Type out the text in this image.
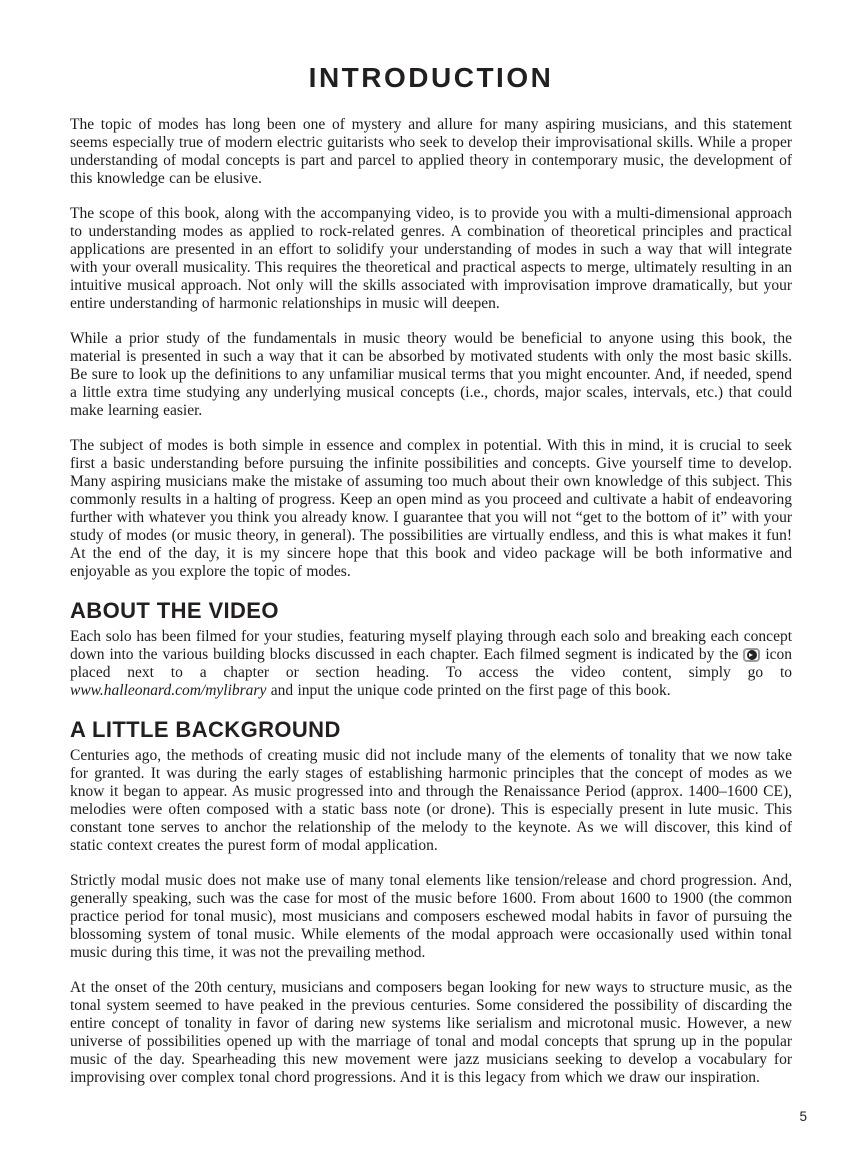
INTRODUCTION

The topic of modes has long been one of mystery and allure for many aspiring musicians, and this statement seems especially true of modern electric guitarists who seek to develop their improvisational skills. While a proper understanding of modal concepts is part and parcel to applied theory in contemporary music, the development of this knowledge can be elusive.

The scope of this book, along with the accompanying video, is to provide you with a multi-dimensional approach to understanding modes as applied to rock-related genres. A combination of theoretical principles and practical applications are presented in an effort to solidify your understanding of modes in such a way that will integrate with your overall musicality. This requires the theoretical and practical aspects to merge, ultimately resulting in an intuitive musical approach. Not only will the skills associated with improvisation improve dramatically, but your entire understanding of harmonic relationships in music will deepen.

While a prior study of the fundamentals in music theory would be beneficial to anyone using this book, the material is presented in such a way that it can be absorbed by motivated students with only the most basic skills. Be sure to look up the definitions to any unfamiliar musical terms that you might encounter. And, if needed, spend a little extra time studying any underlying musical concepts (i.e., chords, major scales, intervals, etc.) that could make learning easier.

The subject of modes is both simple in essence and complex in potential. With this in mind, it is crucial to seek first a basic understanding before pursuing the infinite possibilities and concepts. Give yourself time to develop. Many aspiring musicians make the mistake of assuming too much about their own knowledge of this subject. This commonly results in a halting of progress. Keep an open mind as you proceed and cultivate a habit of endeavoring further with whatever you think you already know. I guarantee that you will not “get to the bottom of it” with your study of modes (or music theory, in general). The possibilities are virtually endless, and this is what makes it fun! At the end of the day, it is my sincere hope that this book and video package will be both informative and enjoyable as you explore the topic of modes.

ABOUT THE VIDEO

Each solo has been filmed for your studies, featuring myself playing through each solo and breaking each concept down into the various building blocks discussed in each chapter. Each filmed segment is indicated by the
icon placed next to a chapter or section heading. To access the video content, simply go to www.halleonard.com/mylibrary and input the unique code printed on the first page of this book.

A LITTLE BACKGROUND

Centuries ago, the methods of creating music did not include many of the elements of tonality that we now take for granted. It was during the early stages of establishing harmonic principles that the concept of modes as we know it began to appear. As music progressed into and through the Renaissance Period (approx. 1400–1600 CE), melodies were often composed with a static bass note (or drone). This is especially present in lute music. This constant tone serves to anchor the relationship of the melody to the keynote. As we will discover, this kind of static context creates the purest form of modal application.

Strictly modal music does not make use of many tonal elements like tension/release and chord progression. And, generally speaking, such was the case for most of the music before 1600. From about 1600 to 1900 (the common practice period for tonal music), most musicians and composers eschewed modal habits in favor of pursuing the blossoming system of tonal music. While elements of the modal approach were occasionally used within tonal music during this time, it was not the prevailing method.

At the onset of the 20th century, musicians and composers began looking for new ways to structure music, as the tonal system seemed to have peaked in the previous centuries. Some considered the possibility of discarding the entire concept of tonality in favor of daring new systems like serialism and microtonal music. However, a new universe of possibilities opened up with the marriage of tonal and modal concepts that sprung up in the popular music of the day. Spearheading this new movement were jazz musicians seeking to develop a vocabulary for improvising over complex tonal chord progressions. And it is this legacy from which we draw our inspiration.

5
